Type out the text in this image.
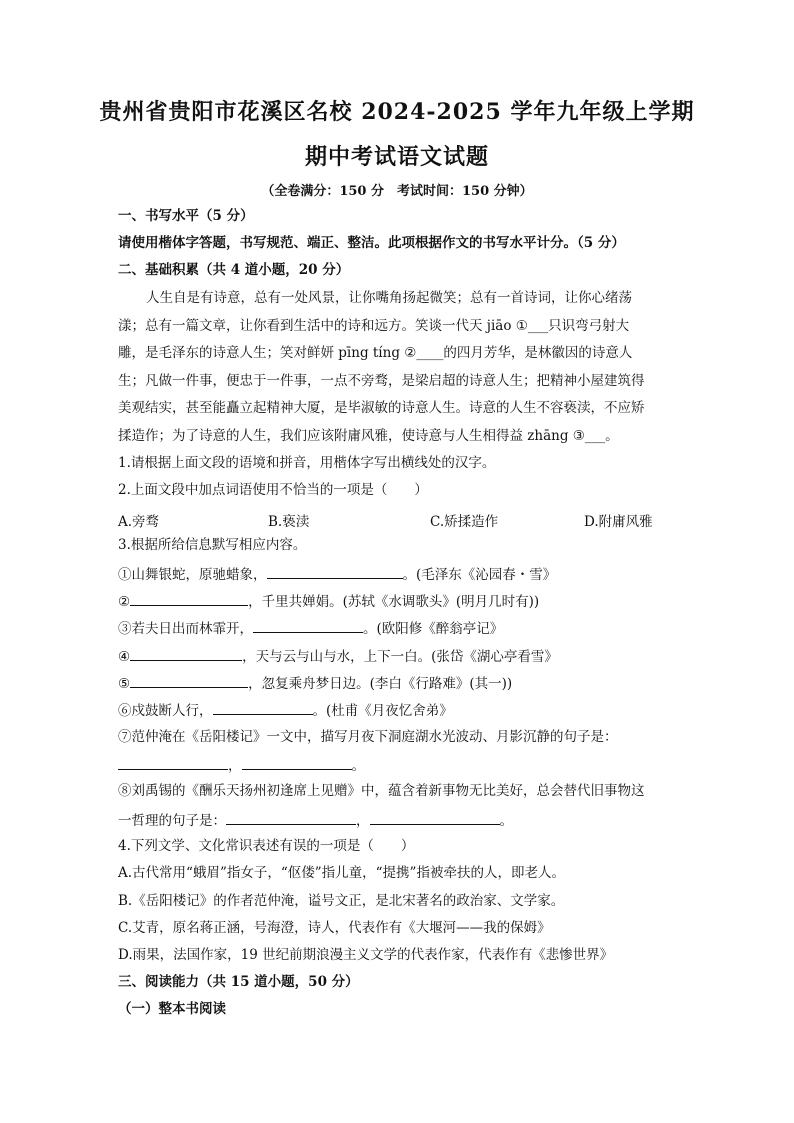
贵州省贵阳市花溪区名校 2024-2025 学年九年级上学期
期中考试语文试题
（全卷满分：150 分　考试时间：150 分钟）
一、书写水平（5 分）
请使用楷体字答题，书写规范、端正、整洁。此项根据作文的书写水平计分。（5 分）
二、基础积累（共 4 道小题，20 分）
人生自是有诗意，总有一处风景，让你嘴角扬起微笑；总有一首诗词，让你心绪荡
漾；总有一篇文章，让你看到生活中的诗和远方。笑谈一代天 jiāo ①___只识弯弓射大
雕，是毛泽东的诗意人生；笑对鲜妍 pīng tíng ②____的四月芳华，是林徽因的诗意人
生；凡做一件事，便忠于一件事，一点不旁骛，是梁启超的诗意人生；把精神小屋建筑得
美观结实，甚至能矗立起精神大厦，是毕淑敏的诗意人生。诗意的人生不容亵渎，不应矫
揉造作；为了诗意的人生，我们应该附庸风雅，使诗意与人生相得益 zhāng ③___。
1.请根据上面文段的语境和拼音，用楷体字写出横线处的汉字。
2.上面文段中加点词语使用不恰当的一项是（　　）
A.旁骛	B.亵渎	C.矫揉造作	D.附庸风雅
3.根据所给信息默写相应内容。
①山舞银蛇，原驰蜡象，	。(毛泽东《沁园春・雪》
②	，千里共婵娟。(苏轼《水调歌头》(明月几时有))
③若夫日出而林霏开，	。(欧阳修《醉翁亭记》
④	，天与云与山与水，上下一白。(张岱《湖心亭看雪》
⑤	，忽复乘舟梦日边。(李白《行路难》(其一))
⑥戍鼓断人行，	。(杜甫《月夜忆舍弟》
⑦范仲淹在《岳阳楼记》一文中，描写月夜下洞庭湖水光波动、月影沉静的句子是：
，	。
⑧刘禹锡的《酬乐天扬州初逢席上见赠》中，蕴含着新事物无比美好，总会替代旧事物这
一哲理的句子是：	，	。
4.下列文学、文化常识表述有误的一项是（　　）
A.古代常用“蛾眉”指女子，“伛偻”指儿童，“提携”指被牵扶的人，即老人。
B.《岳阳楼记》的作者范仲淹，谥号文正，是北宋著名的政治家、文学家。
C.艾青，原名蒋正涵，号海澄，诗人，代表作有《大堰河——我的保姆》
D.雨果，法国作家，19 世纪前期浪漫主义文学的代表作家，代表作有《悲惨世界》
三、阅读能力（共 15 道小题，50 分）
（一）整本书阅读
